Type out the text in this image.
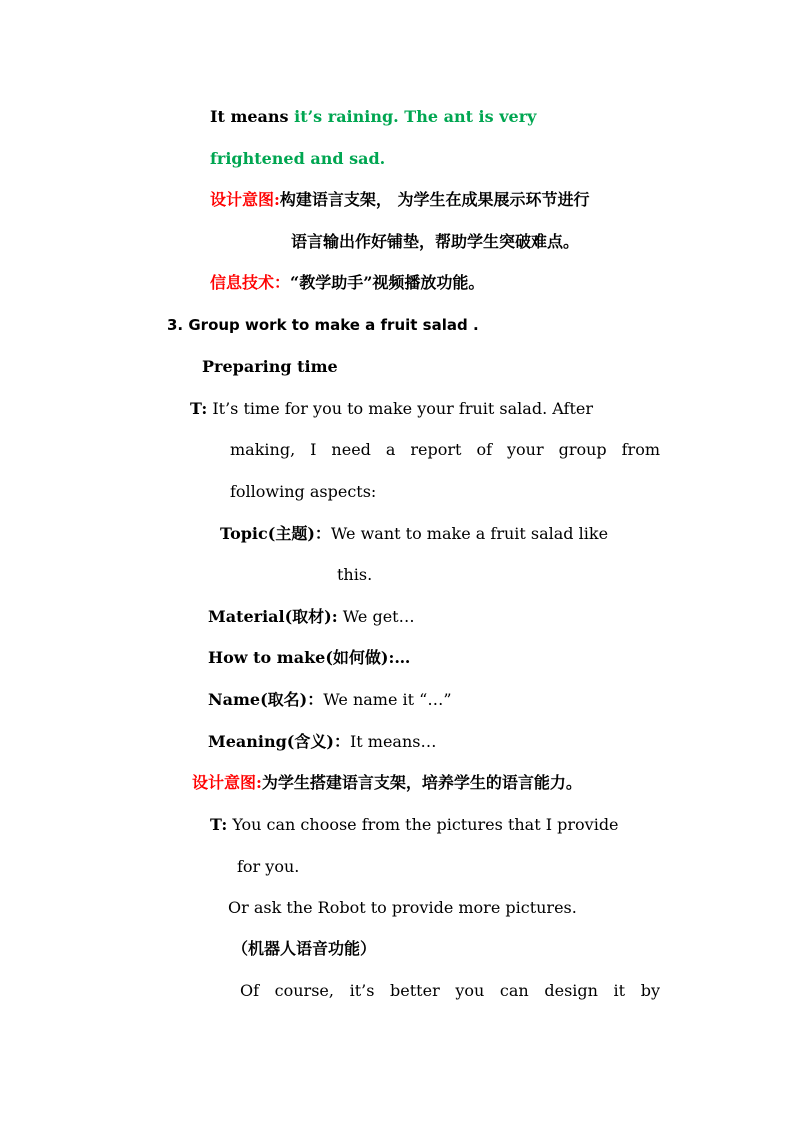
It means it’s raining. The ant is very
frightened and sad.
设计意图:构建语言支架， 为学生在成果展示环节进行
语言输出作好铺垫，帮助学生突破难点。
信息技术：“教学助手”视频播放功能。
3. Group work to make a fruit salad .
Preparing time
T: It’s time for you to make your fruit salad. After
making, I need a report of your group from
following aspects:
Topic(主题)：We want to make a fruit salad like
this.
Material(取材): We get…
How to make(如何做):…
Name(取名)：We name it “…”
Meaning(含义)：It means…
设计意图:为学生搭建语言支架，培养学生的语言能力。
T: You can choose from the pictures that I provide
for you.
Or ask the Robot to provide more pictures.
（机器人语音功能）
Of course, it’s better you can design it by
